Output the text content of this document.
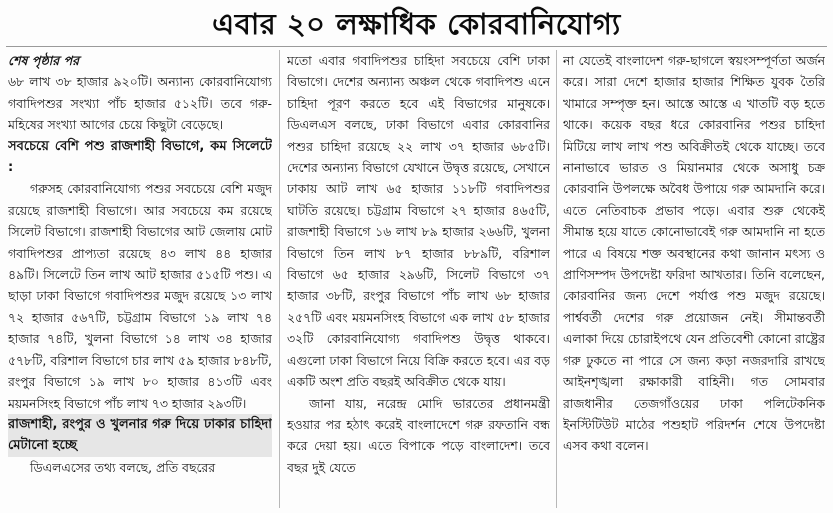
এবার ২০ লক্ষাধিক কোরবানিযোগ্য

শেষ পৃষ্ঠার পর

৬৮ লাখ ৩৮ হাজার ৯২০টি। অন্যান্য কোরবানিযোগ্য গবাদিপশুর সংখ্যা পাঁচ হাজার ৫১২টি। তবে গরু-মহিষের সংখ্যা আগের চেয়ে কিছুটা বেড়েছে।

সবচেয়ে বেশি পশু রাজশাহী বিভাগে, কম সিলেটে :

গরুসহ কোরবানিযোগ্য পশুর সবচেয়ে বেশি মজুদ রয়েছে রাজশাহী বিভাগে। আর সবচেয়ে কম রয়েছে সিলেট বিভাগে। রাজশাহী বিভাগের আট জেলায় মোট গবাদিপশুর প্রাপ্যতা রয়েছে ৪৩ লাখ ৪৪ হাজার ৪৯টি। সিলেটে তিন লাখ আট হাজার ৫১৫টি পশু। এ ছাড়া ঢাকা বিভাগে গবাদিপশুর মজুদ রয়েছে ১৩ লাখ ৭২ হাজার ৫৬৭টি, চট্টগ্রাম বিভাগে ১৯ লাখ ৭৪ হাজার ৭৪টি, খুলনা বিভাগে ১৪ লাখ ৩৪ হাজার ৫৭৮টি, বরিশাল বিভাগে চার লাখ ৫৯ হাজার ৮৪৮টি, রংপুর বিভাগে ১৯ লাখ ৮০ হাজার ৪১৩টি এবং ময়মনসিংহ বিভাগে পাঁচ লাখ ৭৩ হাজার ২৯৩টি।

রাজশাহী, রংপুর ও খুলনার গরু দিয়ে ঢাকার চাহিদা মেটানো হচ্ছে

ডিএলএসের তথ্য বলছে, প্রতি বছরের

মতো এবার গবাদিপশুর চাহিদা সবচেয়ে বেশি ঢাকা বিভাগে। দেশের অন্যান্য অঞ্চল থেকে গবাদিপশু এনে চাহিদা পূরণ করতে হবে এই বিভাগের মানুষকে। ডিএলএস বলছে, ঢাকা বিভাগে এবার কোরবানির পশুর চাহিদা রয়েছে ২২ লাখ ৩৭ হাজার ৬৮৫টি। দেশের অন্যান্য বিভাগে যেখানে উদ্বৃত্ত রয়েছে, সেখানে ঢাকায় আট লাখ ৬৫ হাজার ১১৮টি গবাদিপশুর ঘাটতি রয়েছে। চট্টগ্রাম বিভাগে ২৭ হাজার ৪৬৫টি, রাজশাহী বিভাগে ১৬ লাখ ৮৯ হাজার ২৬৬টি, খুলনা বিভাগে তিন লাখ ৮৭ হাজার ৮৮৯টি, বরিশাল বিভাগে ৬৫ হাজার ২৯৬টি, সিলেট বিভাগে ৩৭ হাজার ৩৮টি, রংপুর বিভাগে পাঁচ লাখ ৬৮ হাজার ২৫৭টি এবং ময়মনসিংহ বিভাগে এক লাখ ৫৮ হাজার ৩২টি কোরবানিযোগ্য গবাদিপশু উদ্বৃত্ত থাকবে। এগুলো ঢাকা বিভাগে নিয়ে বিক্রি করতে হবে। এর বড় একটি অংশ প্রতি বছরই অবিক্রীত থেকে যায়।

জানা যায়, নরেন্দ্র মোদি ভারতের প্রধানমন্ত্রী হওয়ার পর হঠাৎ করেই বাংলাদেশে গরু রফতানি বন্ধ করে দেয়া হয়। এতে বিপাকে পড়ে বাংলাদেশ। তবে বছর দুই যেতে

না যেতেই বাংলাদেশ গরু-ছাগলে স্বয়ংসম্পূর্ণতা অর্জন করে। সারা দেশে হাজার হাজার শিক্ষিত যুবক তৈরি খামারে সম্পৃক্ত হন। আস্তে আস্তে এ খাতটি বড় হতে থাকে। কয়েক বছর ধরে কোরবানির পশুর চাহিদা মিটিয়ে লাখ লাখ পশু অবিক্রীতই থেকে যাচ্ছে। তবে নানাভাবে ভারত ও মিয়ানমার থেকে অসাধু চক্র কোরবানি উপলক্ষে অবৈধ উপায়ে গরু আমদানি করে। এতে নেতিবাচক প্রভাব পড়ে। এবার শুরু থেকেই সীমান্ত হয়ে যাতে কোনোভাবেই গরু আমদানি না হতে পারে এ বিষয়ে শক্ত অবস্থানের কথা জানান মৎস্য ও প্রাণিসম্পদ উপদেষ্টা ফরিদা আখতার। তিনি বলেছেন, কোরবানির জন্য দেশে পর্যাপ্ত পশু মজুদ রয়েছে। পার্শ্ববর্তী দেশের গরু প্রয়োজন নেই। সীমান্তবর্তী এলাকা দিয়ে চোরাইপথে যেন প্রতিবেশী কোনো রাষ্ট্রের গরু ঢুকতে না পারে সে জন্য কড়া নজরদারি রাখছে আইনশৃঙ্খলা রক্ষাকারী বাহিনী। গত সোমবার রাজধানীর তেজগাঁওয়ের ঢাকা পলিটেকনিক ইনস্টিটিউট মাঠের পশুহাট পরিদর্শন শেষে উপদেষ্টা এসব কথা বলেন।
